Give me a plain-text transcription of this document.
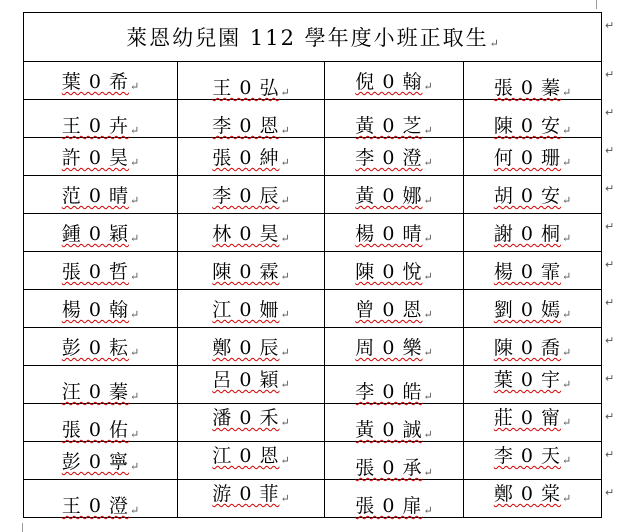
萊恩幼兒園 112 學年度小班正取生↵			
葉 0 希↵	王 0 弘↵	倪 0 翰↵	張 0 蓁↵
王 0 卉↵	李 0 恩↵	黃 0 芝↵	陳 0 安↵
許 0 昊↵	張 0 紳↵	李 0 澄↵	何 0 珊↵
范 0 晴↵	李 0 辰↵	黃 0 娜↵	胡 0 安↵
鍾 0 穎↵	林 0 昊↵	楊 0 晴↵	謝 0 桐↵
張 0 哲↵	陳 0 霖↵	陳 0 悅↵	楊 0 霏↵
楊 0 翰↵	江 0 姍↵	曾 0 恩↵	劉 0 嫣↵
彭 0 耘↵	鄭 0 辰↵	周 0 樂↵	陳 0 喬↵
汪 0 蓁↵	呂 0 穎↵	李 0 皓↵	葉 0 宇↵
張 0 佑↵	潘 0 禾↵	黃 0 誠↵	莊 0 甯↵
彭 0 寧↵	江 0 恩↵	張 0 承↵	李 0 天↵
王 0 澄↵	游 0 菲↵	張 0 扉↵	鄭 0 棠↵
↵
↵
↵
↵
↵
↵
↵
↵
↵
↵
↵
↵
↵
